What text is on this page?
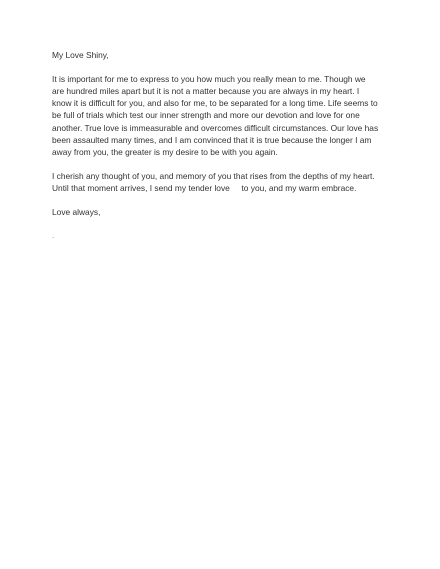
My Love Shiny,

It is important for me to express to you how much you really mean to me. Though we
are hundred miles apart but it is not a matter because you are always in my heart. I
know it is difficult for you, and also for me, to be separated for a long time. Life seems to
be full of trials which test our inner strength and more our devotion and love for one
another. True love is immeasurable and overcomes difficult circumstances. Our love has
been assaulted many times, and I am convinced that it is true because the longer I am
away from you, the greater is my desire to be with you again.
I cherish any thought of you, and memory of you that rises from the depths of my heart.
Until that moment arrives, I send my tender love     to you, and my warm embrace.

Love always,

.
